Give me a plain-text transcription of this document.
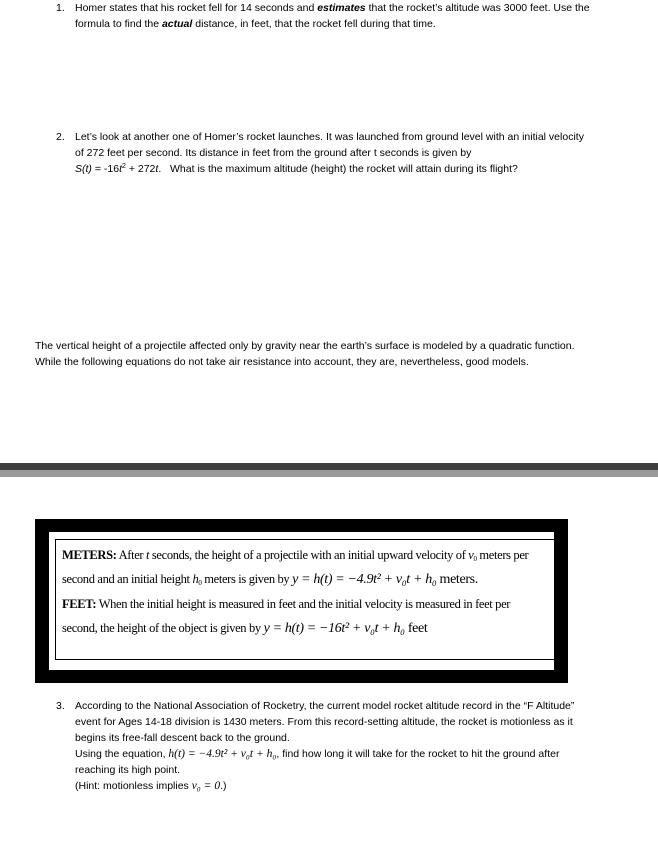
1. Homer states that his rocket fell for 14 seconds and estimates that the rocket’s altitude was 3000 feet. Use the
formula to find the actual distance, in feet, that the rocket fell during that time.
2. Let’s look at another one of Homer’s rocket launches. It was launched from ground level with an initial velocity
of 272 feet per second. Its distance in feet from the ground after t seconds is given by
$S(t) = -16t^2 + 272t$. What is the maximum altitude (height) the rocket will attain during its flight?
The vertical height of a projectile affected only by gravity near the earth’s surface is modeled by a quadratic function.
While the following equations do not take air resistance into account, they are, nevertheless, good models.
METERS: After t seconds, the height of a projectile with an initial upward velocity of $v_0$ meters per
second and an initial height $h_0$ meters is given by y = h(t) = −4.9t² + v₀t + h₀ meters.
FEET: When the initial height is measured in feet and the initial velocity is measured in feet per
second, the height of the object is given by y = h(t) = −16t² + v₀t + h₀ feet
3. According to the National Association of Rocketry, the current model rocket altitude record in the “F Altitude”
event for Ages 14-18 division is 1430 meters. From this record-setting altitude, the rocket is motionless as it
begins its free-fall descent back to the ground.
Using the equation, h(t) = −4.9t² + v₀t + h₀, find how long it will take for the rocket to hit the ground after
reaching its high point.
(Hint: motionless implies v₀ = 0.)
